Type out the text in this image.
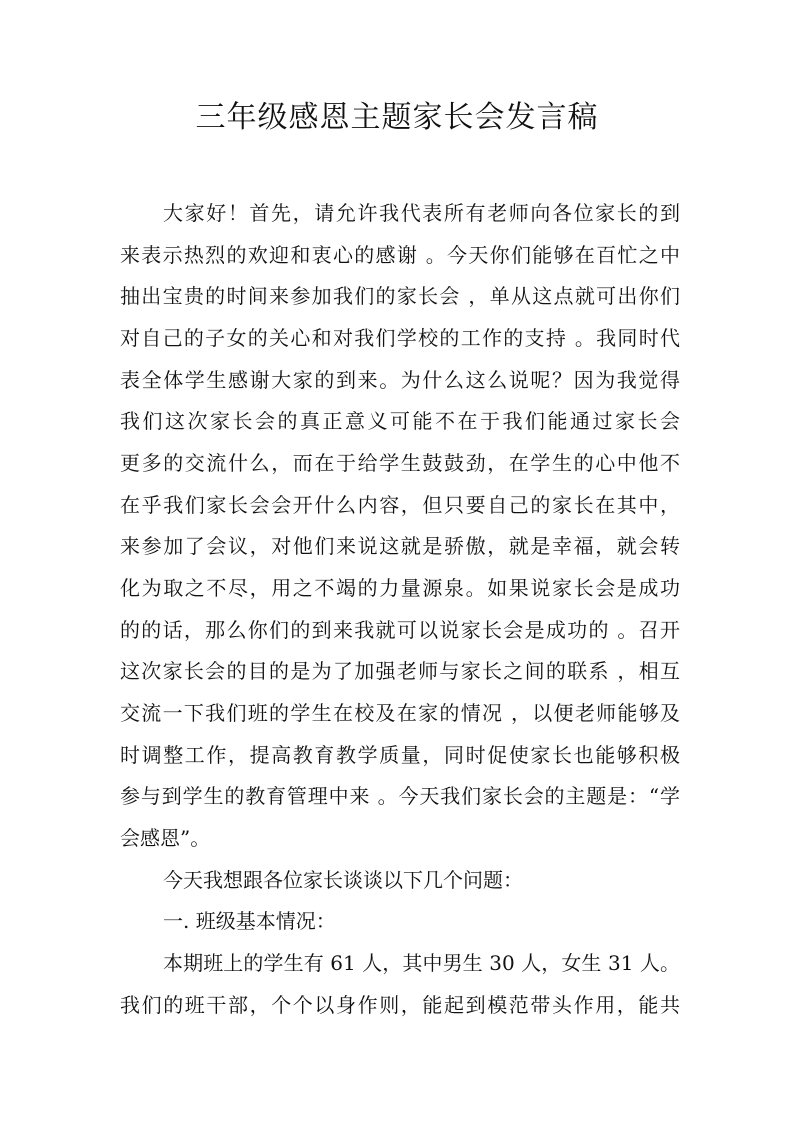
三年级感恩主题家长会发言稿
大家好！首先，请允许我代表所有老师向各位家长的到
来表示热烈的欢迎和衷心的感谢 。今天你们能够在百忙之中
抽出宝贵的时间来参加我们的家长会 ，单从这点就可出你们
对自己的子女的关心和对我们学校的工作的支持 。我同时代
表全体学生感谢大家的到来。为什么这么说呢？因为我觉得
我们这次家长会的真正意义可能不在于我们能通过家长会
更多的交流什么，而在于给学生鼓鼓劲，在学生的心中他不
在乎我们家长会会开什么内容，但只要自己的家长在其中，
来参加了会议，对他们来说这就是骄傲，就是幸福，就会转
化为取之不尽，用之不竭的力量源泉。如果说家长会是成功
的的话，那么你们的到来我就可以说家长会是成功的 。召开
这次家长会的目的是为了加强老师与家长之间的联系 ，相互
交流一下我们班的学生在校及在家的情况 ，以便老师能够及
时调整工作，提高教育教学质量，同时促使家长也能够积极
参与到学生的教育管理中来 。今天我们家长会的主题是：“学
会感恩”。
今天我想跟各位家长谈谈以下几个问题：
一. 班级基本情况：
本期班上的学生有 61 人，其中男生 30 人，女生 31 人。
我们的班干部，个个以身作则，能起到模范带头作用，能共
